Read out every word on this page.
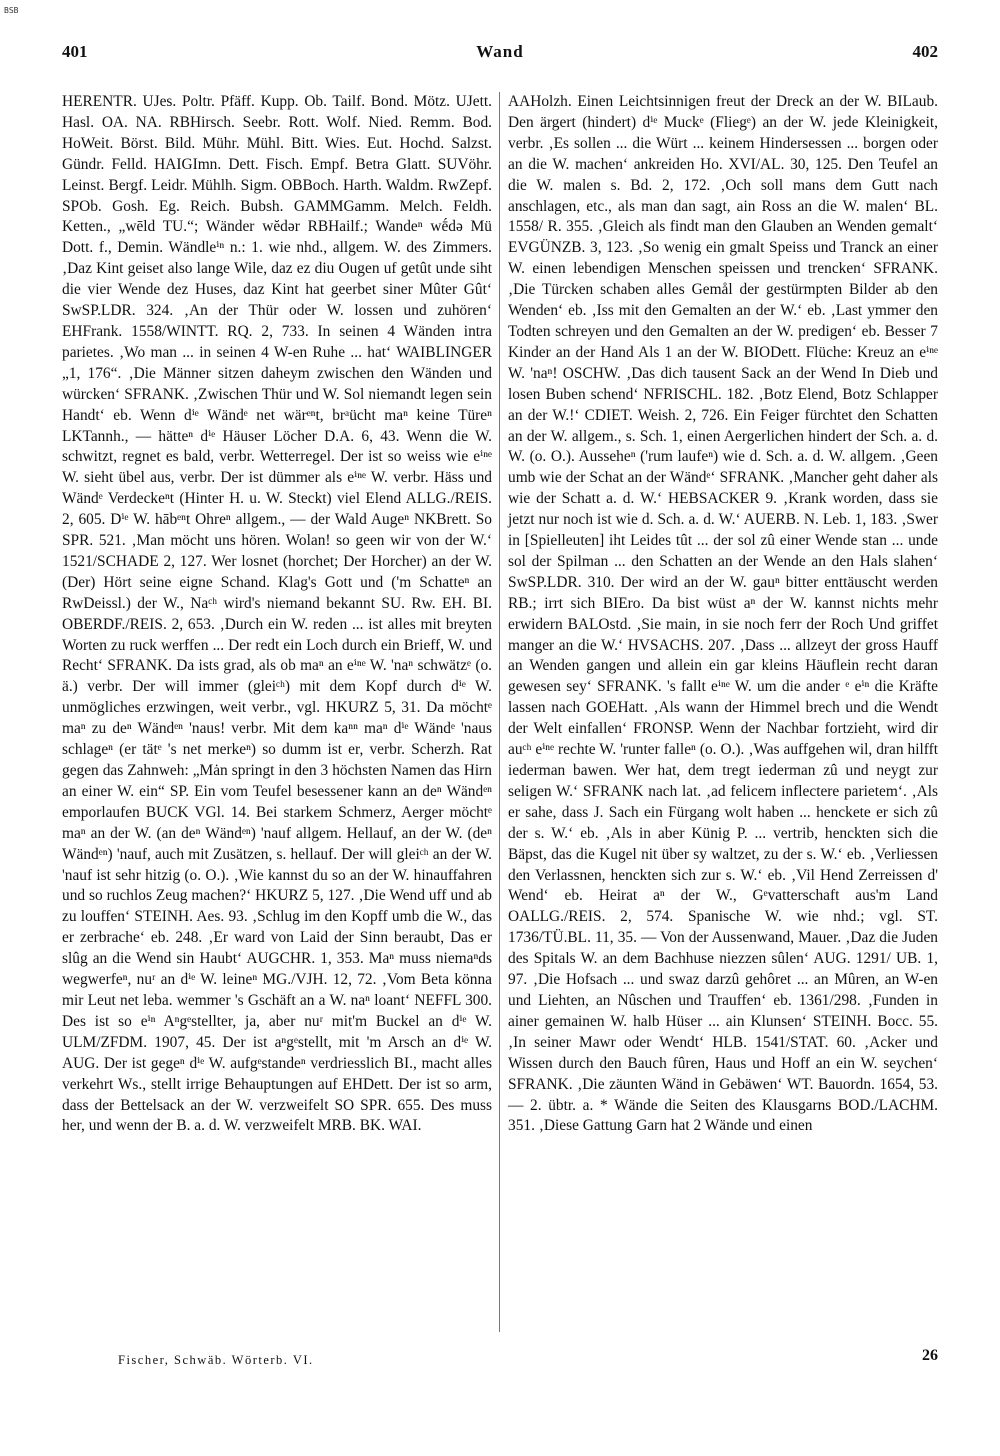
BSB
401	Wand	402

HERENTR. UJes. Poltr. Pfäff. Kupp. Ob. Tailf. Bond. Mötz. UJett. Hasl. OA. NA. RBHirsch. Seebr. Rott. Wolf. Nied. Remm. Bod. HoWeit. Börst. Bild. Mühr. Mühl. Bitt. Wies. Eut. Hochd. Salzst. Gündr. Felld. HAIGImn. Dett. Fisch. Empf. Betra Glatt. SUVöhr. Leinst. Bergf. Leidr. Mühlh. Sigm. OBBoch. Harth. Waldm. RwZepf. SPOb. Gosh. Eg. Reich. Bubsh. GAMMGamm. Melch. Feldh. Ketten., „wēld TU.“; Wänder wĕdər RBHailf.; Wandeⁿ wḗdə Mü Dott. f., Demin. Wändleⁱⁿ n.: 1. wie nhd., allgem. W. des Zimmers. ‚Daz Kint geiset also lange Wile, daz ez diu Ougen uf getût unde siht die vier Wende dez Huses, daz Kint hat geerbet siner Mûter Gût‘ SwSP.LDR. 324. ‚An der Thür oder W. lossen und zuhören‘ EHFrank. 1558/WINTT. RQ. 2, 733. In seinen 4 Wänden intra parietes. ‚Wo man ... in seinen 4 W-en Ruhe ... hat‘ WAIBLINGER „1, 176“. ‚Die Männer sitzen daheym zwischen den Wänden und würcken‘ SFRANK. ‚Zwischen Thür und W. Sol niemandt legen sein Handt‘ eb. Wenn dⁱᵉ Wändᵉ net wärᵉⁿt, brᵃücht maⁿ keine Türeⁿ LKTannh., — hätteⁿ dⁱᵉ Häuser Löcher D.A. 6, 43. Wenn die W. schwitzt, regnet es bald, verbr. Wetterregel. Der ist so weiss wie eⁱⁿᵉ W. sieht übel aus, verbr. Der ist dümmer als eⁱⁿᵉ W. verbr. Häss und Wändᵉ Verdeckeⁿt (Hinter H. u. W. Steckt) viel Elend ALLG./REIS. 2, 605. Dⁱᵉ W. hābᵉⁿt Ohreⁿ allgem., — der Wald Augeⁿ NKBrett. So SPR. 521. ‚Man möcht uns hören. Wolan! so geen wir von der W.‘ 1521/SCHADE 2, 127. Wer losnet (horchet; Der Horcher) an der W. (Der) Hört seine eigne Schand. Klag's Gott und ('m Schatteⁿ an RwDeissl.) der W., Naᶜʰ wird's niemand bekannt SU. Rw. EH. BI. OBERDF./REIS. 2, 653. ‚Durch ein W. reden ... ist alles mit breyten Worten zu ruck werffen ... Der redt ein Loch durch ein Brieff, W. und Recht‘ SFRANK. Da ists grad, als ob maⁿ an eⁱⁿᵉ W. 'naⁿ schwätzᵉ (o. ä.) verbr. Der will immer (gleiᶜʰ) mit dem Kopf durch dⁱᵉ W. unmögliches erzwingen, weit verbr., vgl. HKURZ 5, 31. Da möchtᵉ maⁿ zu deⁿ Wändᵉⁿ 'naus! verbr. Mit dem kaⁿⁿ maⁿ dⁱᵉ Wändᵉ 'naus schlageⁿ (er tätᵉ 's net merkeⁿ) so dumm ist er, verbr. Scherzh. Rat gegen das Zahnweh: „Mȧn springt in den 3 höchsten Namen das Hirn an einer W. ein“ SP. Ein vom Teufel besessener kann an deⁿ Wändᵉⁿ emporlaufen BUCK VGl. 14. Bei starkem Schmerz, Aerger möchtᵉ maⁿ an der W. (an deⁿ Wändᵉⁿ) 'nauf allgem. Hellauf, an der W. (deⁿ Wändᵉⁿ) 'nauf, auch mit Zusätzen, s. hellauf. Der will gleiᶜʰ an der W. 'nauf ist sehr hitzig (o. O.). ‚Wie kannst du so an der W. hinauffahren und so ruchlos Zeug machen?‘ HKURZ 5, 127. ‚Die Wend uff und ab zu louffen‘ STEINH. Aes. 93. ‚Schlug im den Kopff umb die W., das er zerbrache‘ eb. 248. ‚Er ward von Laid der Sinn beraubt, Das er slûg an die Wend sin Haubt‘ AUGCHR. 1, 353. Maⁿ muss niemaⁿds wegwerfeⁿ, nuʳ an dⁱᵉ W. leineⁿ MG./VJH. 12, 72. ‚Vom Beta könna mir Leut net leba. wemmer 's Gschäft an a W. naⁿ loant‘ NEFFL 300. Des ist so eⁱⁿ Aⁿgᵉstellter, ja, aber nuʳ mit'm Buckel an dⁱᵉ W. ULM/ZFDM. 1907, 45. Der ist aⁿgᵉstellt, mit 'm Arsch an dⁱᵉ W. AUG. Der ist gegeⁿ dⁱᵉ W. aufgᵉstandeⁿ verdriesslich BI., macht alles verkehrt Ws., stellt irrige Behauptungen auf EHDett. Der ist so arm, dass der Bettelsack an der W. verzweifelt SO SPR. 655. Des muss her, und wenn der B. a. d. W. verzweifelt MRB. BK. WAI.

AAHolzh. Einen Leichtsinnigen freut der Dreck an der W. BILaub. Den ärgert (hindert) dⁱᵉ Muckᵉ (Fliegᵉ) an der W. jede Kleinigkeit, verbr. ‚Es sollen ... die Würt ... keinem Hindersessen ... borgen oder an die W. machen‘ ankreiden Ho. XVI/AL. 30, 125. Den Teufel an die W. malen s. Bd. 2, 172. ‚Och soll mans dem Gutt nach anschlagen, etc., als man dan sagt, ain Ross an die W. malen‘ BL. 1558/ R. 355. ‚Gleich als findt man den Glauben an Wenden gemalt‘ EVGÜNZB. 3, 123. ‚So wenig ein gmalt Speiss und Tranck an einer W. einen lebendigen Menschen speissen und trencken‘ SFRANK. ‚Die Türcken schaben alles Gemål der gestürmpten Bilder ab den Wenden‘ eb. ‚Iss mit den Gemalten an der W.‘ eb. ‚Last ymmer den Todten schreyen und den Gemalten an der W. predigen‘ eb. Besser 7 Kinder an der Hand Als 1 an der W. BIODett. Flüche: Kreuz an eⁱⁿᵉ W. 'naⁿ! OSCHW. ‚Das dich tausent Sack an der Wend In Dieb und losen Buben schend‘ NFRISCHL. 182. ‚Botz Elend, Botz Schlapper an der W.!‘ CDIET. Weish. 2, 726. Ein Feiger fürchtet den Schatten an der W. allgem., s. Sch. 1, einen Aergerlichen hindert der Sch. a. d. W. (o. O.). Ausseheⁿ ('rum laufeⁿ) wie d. Sch. a. d. W. allgem. ‚Geen umb wie der Schat an der Wändᵉ‘ SFRANK. ‚Mancher geht daher als wie der Schatt a. d. W.‘ HEBSACKER 9. ‚Krank worden, dass sie jetzt nur noch ist wie d. Sch. a. d. W.‘ AUERB. N. Leb. 1, 183. ‚Swer in [Spielleuten] iht Leides tût ... der sol zû einer Wende stan ... unde sol der Spilman ... den Schatten an der Wende an den Hals slahen‘ SwSP.LDR. 310. Der wird an der W. gauⁿ bitter enttäuscht werden RB.; irrt sich BIEro. Da bist wüst aⁿ der W. kannst nichts mehr erwidern BALOstd. ‚Sie main, in sie noch ferr der Roch Und griffet manger an die W.‘ HVSACHS. 207. ‚Dass ... allzeyt der gross Hauff an Wenden gangen und allein ein gar kleins Häuflein recht daran gewesen sey‘ SFRANK. 's fallt eⁱⁿᵉ W. um die ander ᵉ eⁱⁿ die Kräfte lassen nach GOEHatt. ‚Als wann der Himmel brech und die Wendt der Welt einfallen‘ FRONSP. Wenn der Nachbar fortzieht, wird dir auᶜʰ eⁱⁿᵉ rechte W. 'runter falleⁿ (o. O.). ‚Was auffgehen wil, dran hilfft iederman bawen. Wer hat, dem tregt iederman zû und neygt zur seligen W.‘ SFRANK nach lat. ‚ad felicem inflectere parietem‘. ‚Als er sahe, dass J. Sach ein Fürgang wolt haben ... henckete er sich zû der s. W.‘ eb. ‚Als in aber Künig P. ... vertrib, henckten sich die Bäpst, das die Kugel nit über sy waltzet, zu der s. W.‘ eb. ‚Verliessen den Verlassnen, henckten sich zur s. W.‘ eb. ‚Vil Hend Zerreissen d' Wend‘ eb. Heirat aⁿ der W., Gᵉvatterschaft aus'm Land OALLG./REIS. 2, 574. Spanische W. wie nhd.; vgl. ST. 1736/TÜ.BL. 11, 35. — Von der Aussenwand, Mauer. ‚Daz die Juden des Spitals W. an dem Bachhuse niezzen sûlen‘ AUG. 1291/ UB. 1, 97. ‚Die Hofsach ... und swaz darzû gehôret ... an Mûren, an W-en und Liehten, an Nûschen und Trauffen‘ eb. 1361/298. ‚Funden in ainer gemainen W. halb Hüser ... ain Klunsen‘ STEINH. Bocc. 55. ‚In seiner Mawr oder Wendt‘ HLB. 1541/STAT. 60. ‚Acker und Wissen durch den Bauch fûren, Haus und Hoff an ein W. seychen‘ SFRANK. ‚Die zäunten Wänd in Gebäwen‘ WT. Bauordn. 1654, 53. — 2. übtr. a. * Wände die Seiten des Klausgarns BOD./LACHM. 351. ‚Diese Gattung Garn hat 2 Wände und einen

Fischer, Schwäb. Wörterb. VI.	26
